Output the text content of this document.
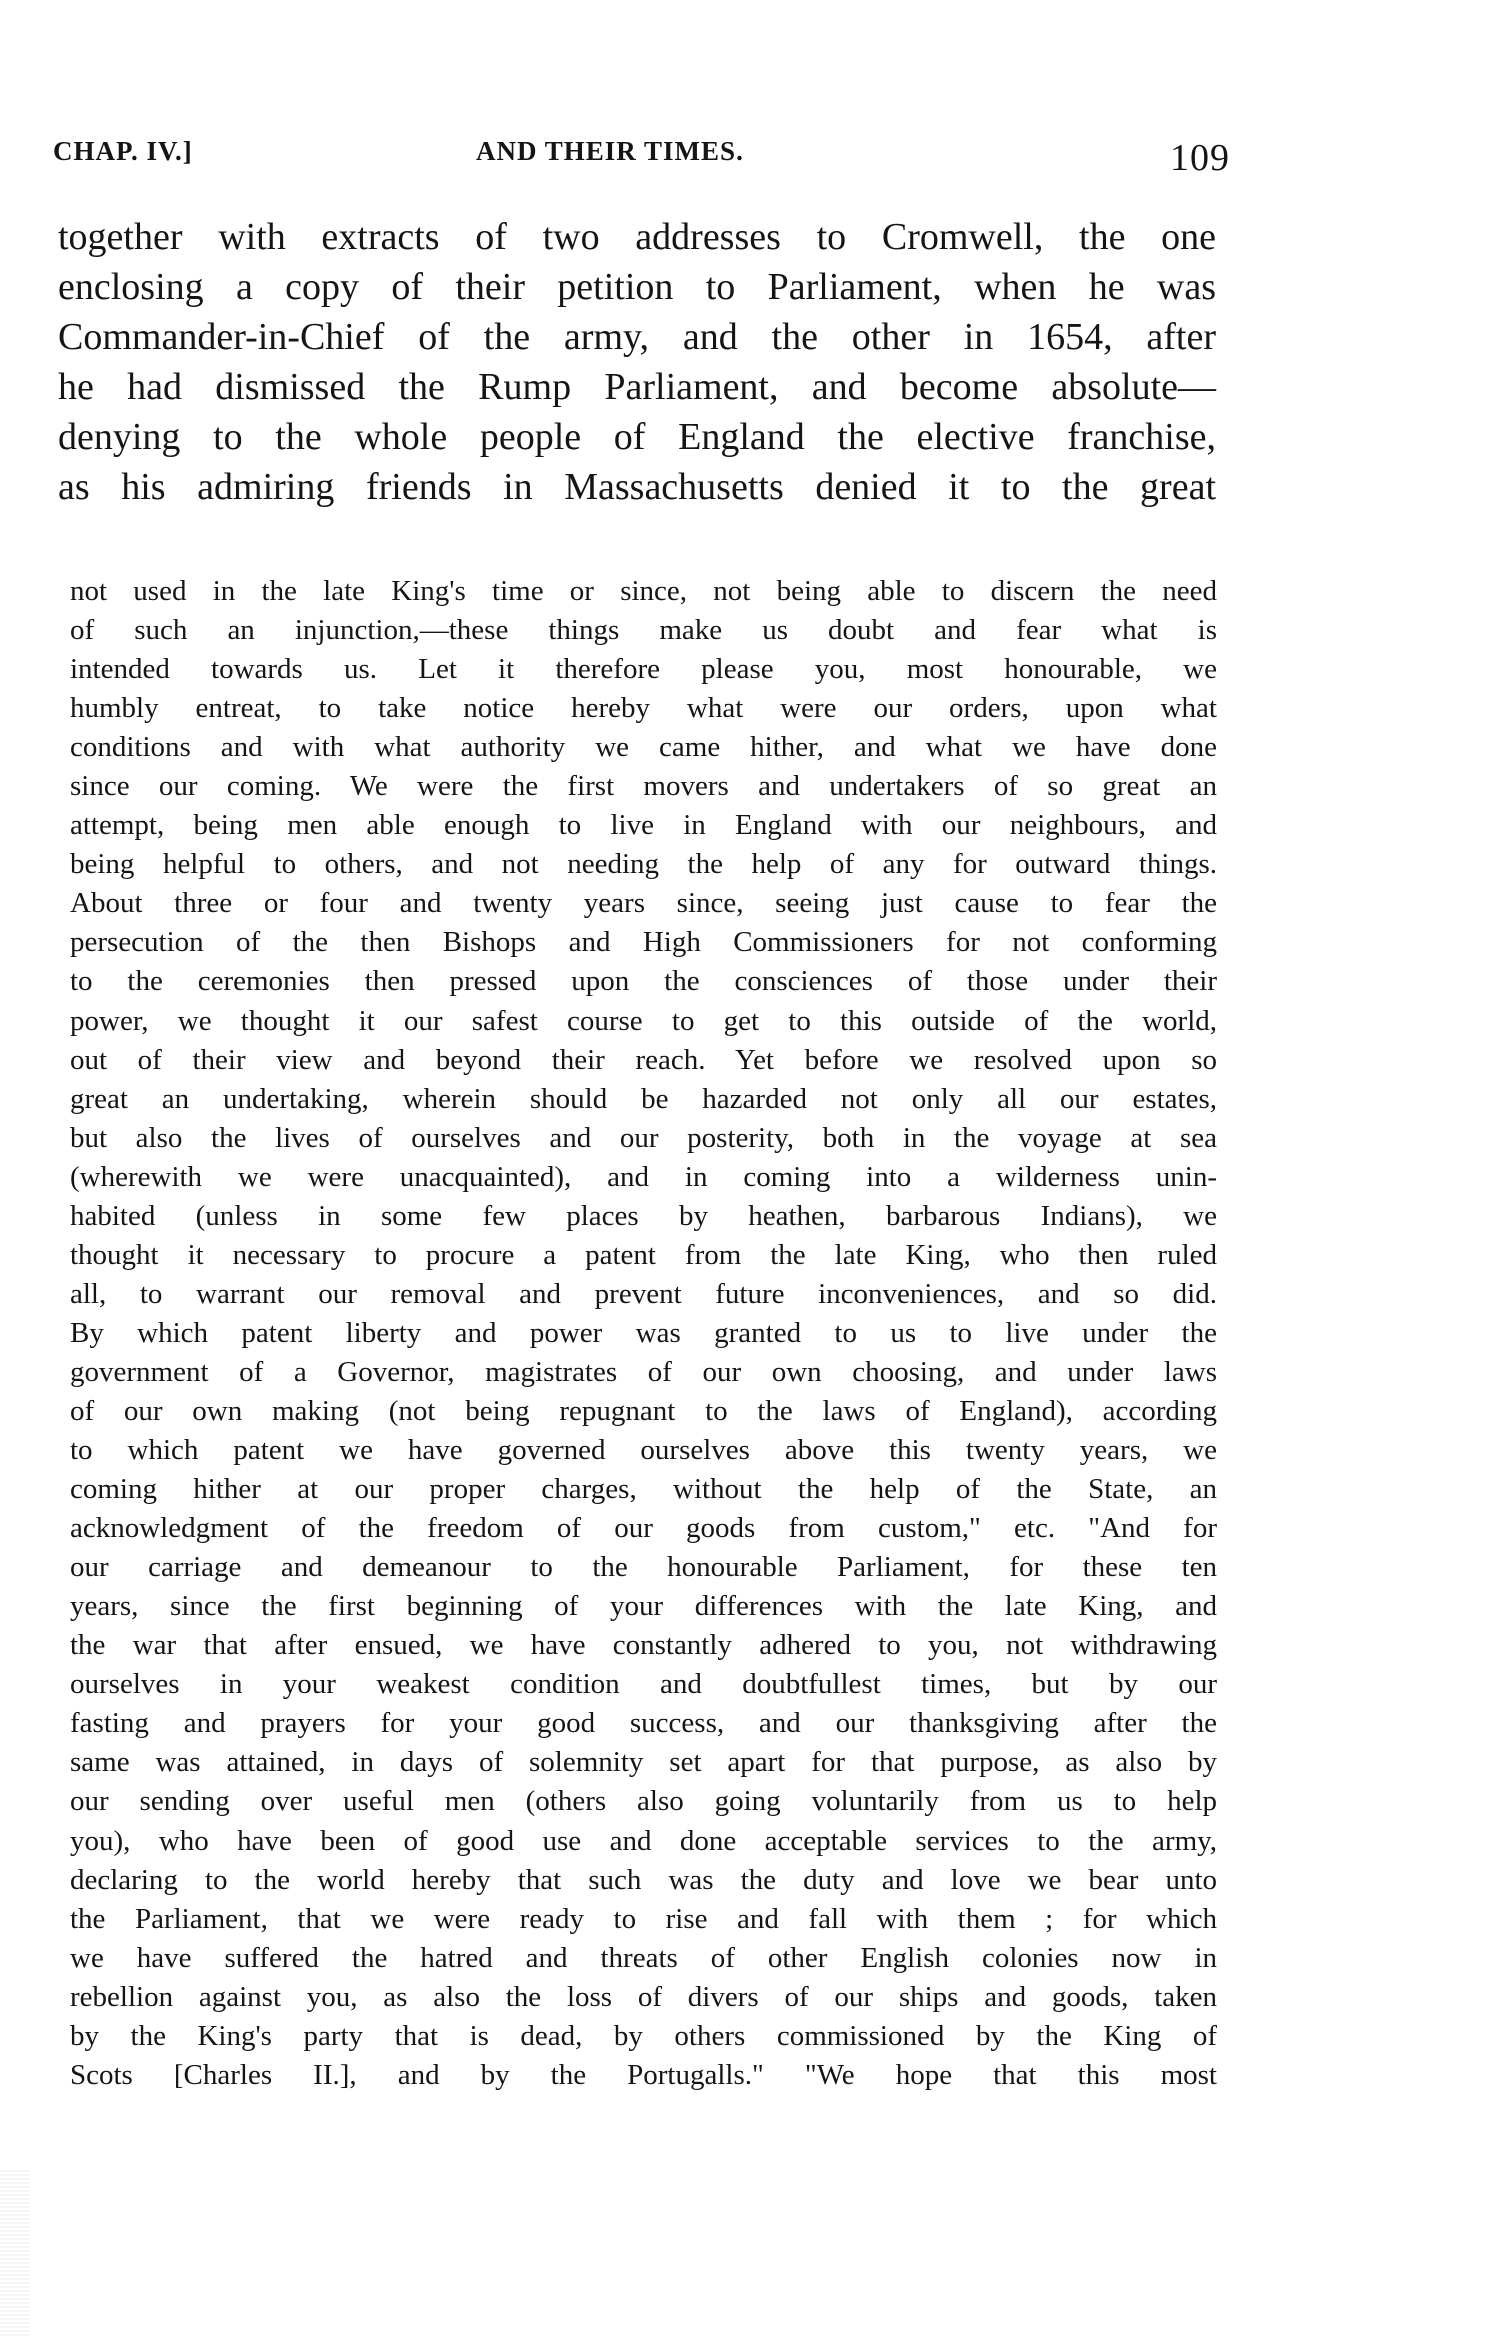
CHAP. IV.]	AND THEIR TIMES.	109
together with extracts of two addresses to Cromwell, the one
enclosing a copy of their petition to Parliament, when he was
Commander-in-Chief of the army, and the other in 1654, after
he had dismissed the Rump Parliament, and become absolute—
denying to the whole people of England the elective franchise,
as his admiring friends in Massachusetts denied it to the great
not used in the late King's time or since, not being able to discern the need
of such an injunction,—these things make us doubt and fear what is
intended towards us. Let it therefore please you, most honourable, we
humbly entreat, to take notice hereby what were our orders, upon what
conditions and with what authority we came hither, and what we have done
since our coming. We were the first movers and undertakers of so great an
attempt, being men able enough to live in England with our neighbours, and
being helpful to others, and not needing the help of any for outward things.
About three or four and twenty years since, seeing just cause to fear the
persecution of the then Bishops and High Commissioners for not conforming
to the ceremonies then pressed upon the consciences of those under their
power, we thought it our safest course to get to this outside of the world,
out of their view and beyond their reach. Yet before we resolved upon so
great an undertaking, wherein should be hazarded not only all our estates,
but also the lives of ourselves and our posterity, both in the voyage at sea
(wherewith we were unacquainted), and in coming into a wilderness unin-
habited (unless in some few places by heathen, barbarous Indians), we
thought it necessary to procure a patent from the late King, who then ruled
all, to warrant our removal and prevent future inconveniences, and so did.
By which patent liberty and power was granted to us to live under the
government of a Governor, magistrates of our own choosing, and under laws
of our own making (not being repugnant to the laws of England), according
to which patent we have governed ourselves above this twenty years, we
coming hither at our proper charges, without the help of the State, an
acknowledgment of the freedom of our goods from custom," etc. "And for
our carriage and demeanour to the honourable Parliament, for these ten
years, since the first beginning of your differences with the late King, and
the war that after ensued, we have constantly adhered to you, not withdrawing
ourselves in your weakest condition and doubtfullest times, but by our
fasting and prayers for your good success, and our thanksgiving after the
same was attained, in days of solemnity set apart for that purpose, as also by
our sending over useful men (others also going voluntarily from us to help
you), who have been of good use and done acceptable services to the army,
declaring to the world hereby that such was the duty and love we bear unto
the Parliament, that we were ready to rise and fall with them ; for which
we have suffered the hatred and threats of other English colonies now in
rebellion against you, as also the loss of divers of our ships and goods, taken
by the King's party that is dead, by others commissioned by the King of
Scots [Charles II.], and by the Portugalls." "We hope that this most
